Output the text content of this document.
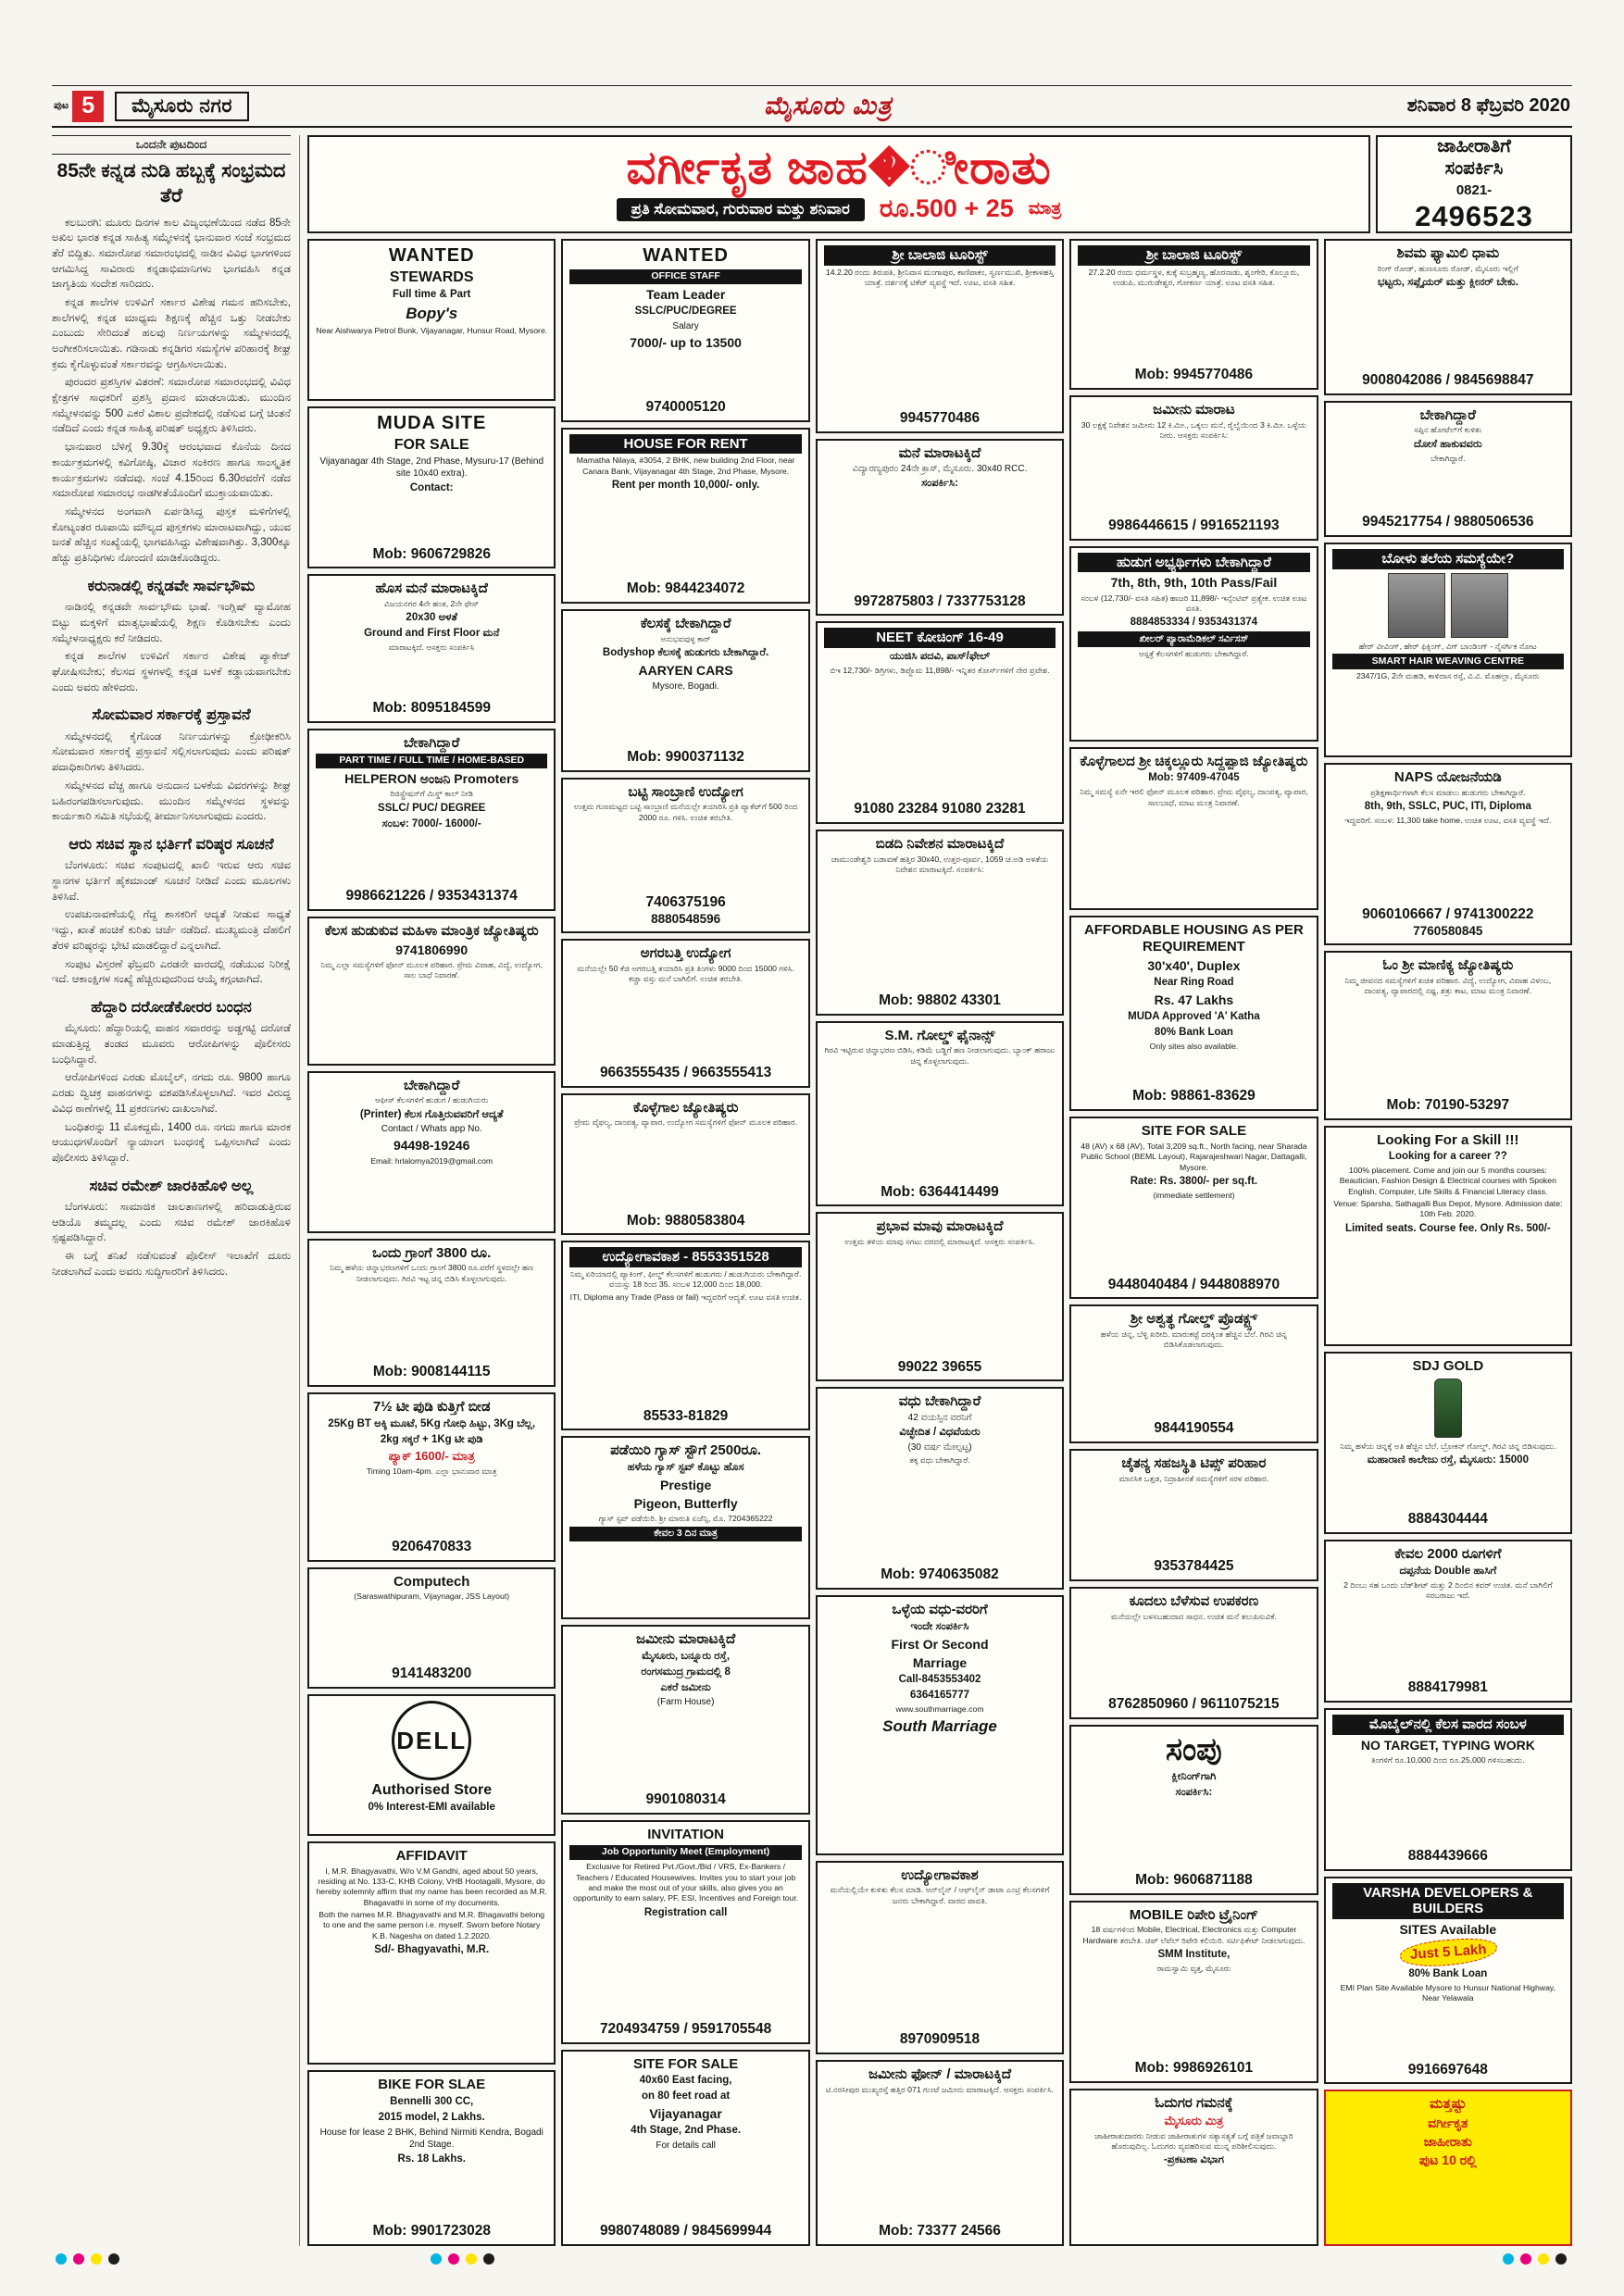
ಪುಟ 5	ಮೈಸೂರು ನಗರ	ಮೈಸೂರು ಮಿತ್ರ	ಶನಿವಾರ 8 ಫೆಬ್ರವರಿ 2020
ಒಂದನೇ ಪುಟದಿಂದ
85ನೇ ಕನ್ನಡ ನುಡಿ ಹಬ್ಬಕ್ಕೆ ಸಂಭ್ರಮದ ತೆರೆ

ಕಲಬುರಗಿ: ಮೂರು ದಿನಗಳ ಕಾಲ ವಿಜೃಂಭಣೆಯಿಂದ ನಡೆದ 85ನೇ ಅಖಿಲ ಭಾರತ ಕನ್ನಡ ಸಾಹಿತ್ಯ ಸಮ್ಮೇಳನಕ್ಕೆ ಭಾನುವಾರ ಸಂಜೆ ಸಂಭ್ರಮದ ತೆರೆ ಬಿದ್ದಿತು. ಸಮಾರೋಪ ಸಮಾರಂಭದಲ್ಲಿ ನಾಡಿನ ವಿವಿಧ ಭಾಗಗಳಿಂದ ಆಗಮಿಸಿದ್ದ ಸಾವಿರಾರು ಕನ್ನಡಾಭಿಮಾನಿಗಳು ಭಾಗವಹಿಸಿ ಕನ್ನಡ ಜಾಗೃತಿಯ ಸಂದೇಶ ಸಾರಿದರು.

ಕನ್ನಡ ಶಾಲೆಗಳ ಉಳಿವಿಗೆ ಸರ್ಕಾರ ವಿಶೇಷ ಗಮನ ಹರಿಸಬೇಕು, ಶಾಲೆಗಳಲ್ಲಿ ಕನ್ನಡ ಮಾಧ್ಯಮ ಶಿಕ್ಷಣಕ್ಕೆ ಹೆಚ್ಚಿನ ಒತ್ತು ನೀಡಬೇಕು ಎಂಬುದು ಸೇರಿದಂತೆ ಹಲವು ನಿರ್ಣಯಗಳನ್ನು ಸಮ್ಮೇಳನದಲ್ಲಿ ಅಂಗೀಕರಿಸಲಾಯಿತು. ಗಡಿನಾಡು ಕನ್ನಡಿಗರ ಸಮಸ್ಯೆಗಳ ಪರಿಹಾರಕ್ಕೆ ಶೀಘ್ರ ಕ್ರಮ ಕೈಗೊಳ್ಳುವಂತೆ ಸರ್ಕಾರವನ್ನು ಆಗ್ರಹಿಸಲಾಯಿತು.

ಪುರಂದರ ಪ್ರಶಸ್ತಿಗಳ ವಿತರಣೆ: ಸಮಾರೋಪ ಸಮಾರಂಭದಲ್ಲಿ ವಿವಿಧ ಕ್ಷೇತ್ರಗಳ ಸಾಧಕರಿಗೆ ಪ್ರಶಸ್ತಿ ಪ್ರದಾನ ಮಾಡಲಾಯಿತು. ಮುಂದಿನ ಸಮ್ಮೇಳನವನ್ನು 500 ಎಕರೆ ವಿಶಾಲ ಪ್ರದೇಶದಲ್ಲಿ ನಡೆಸುವ ಬಗ್ಗೆ ಚಿಂತನೆ ನಡೆದಿದೆ ಎಂದು ಕನ್ನಡ ಸಾಹಿತ್ಯ ಪರಿಷತ್ ಅಧ್ಯಕ್ಷರು ತಿಳಿಸಿದರು.

ಭಾನುವಾರ ಬೆಳಿಗ್ಗೆ 9.30ಕ್ಕೆ ಆರಂಭವಾದ ಕೊನೆಯ ದಿನದ ಕಾರ್ಯಕ್ರಮಗಳಲ್ಲಿ ಕವಿಗೋಷ್ಠಿ, ವಿಚಾರ ಸಂಕಿರಣ ಹಾಗೂ ಸಾಂಸ್ಕೃತಿಕ ಕಾರ್ಯಕ್ರಮಗಳು ನಡೆದವು. ಸಂಜೆ 4.15ರಿಂದ 6.30ರವರೆಗೆ ನಡೆದ ಸಮಾರೋಪ ಸಮಾರಂಭ ನಾಡಗೀತೆಯೊಂದಿಗೆ ಮುಕ್ತಾಯವಾಯಿತು.

ಸಮ್ಮೇಳನದ ಅಂಗವಾಗಿ ಏರ್ಪಡಿಸಿದ್ದ ಪುಸ್ತಕ ಮಳಿಗೆಗಳಲ್ಲಿ ಕೋಟ್ಯಂತರ ರೂಪಾಯಿ ಮೌಲ್ಯದ ಪುಸ್ತಕಗಳು ಮಾರಾಟವಾಗಿದ್ದು, ಯುವ ಜನತೆ ಹೆಚ್ಚಿನ ಸಂಖ್ಯೆಯಲ್ಲಿ ಭಾಗವಹಿಸಿದ್ದು ವಿಶೇಷವಾಗಿತ್ತು. 3,300ಕ್ಕೂ ಹೆಚ್ಚು ಪ್ರತಿನಿಧಿಗಳು ನೋಂದಣಿ ಮಾಡಿಕೊಂಡಿದ್ದರು.

ಕರುನಾಡಲ್ಲಿ ಕನ್ನಡವೇ ಸಾರ್ವಭೌಮ

ನಾಡಿನಲ್ಲಿ ಕನ್ನಡವೇ ಸಾರ್ವಭೌಮ ಭಾಷೆ. ಇಂಗ್ಲಿಷ್ ವ್ಯಾಮೋಹ ಬಿಟ್ಟು ಮಕ್ಕಳಿಗೆ ಮಾತೃಭಾಷೆಯಲ್ಲಿ ಶಿಕ್ಷಣ ಕೊಡಿಸಬೇಕು ಎಂದು ಸಮ್ಮೇಳನಾಧ್ಯಕ್ಷರು ಕರೆ ನೀಡಿದರು.

ಕನ್ನಡ ಶಾಲೆಗಳ ಉಳಿವಿಗೆ ಸರ್ಕಾರ ವಿಶೇಷ ಪ್ಯಾಕೇಜ್ ಘೋಷಿಸಬೇಕು; ಕೆಲಸದ ಸ್ಥಳಗಳಲ್ಲಿ ಕನ್ನಡ ಬಳಕೆ ಕಡ್ಡಾಯವಾಗಬೇಕು ಎಂದು ಅವರು ಹೇಳಿದರು.

ಸೋಮವಾರ ಸರ್ಕಾರಕ್ಕೆ ಪ್ರಸ್ತಾವನೆ

ಸಮ್ಮೇಳನದಲ್ಲಿ ಕೈಗೊಂಡ ನಿರ್ಣಯಗಳನ್ನು ಕ್ರೋಢೀಕರಿಸಿ ಸೋಮವಾರ ಸರ್ಕಾರಕ್ಕೆ ಪ್ರಸ್ತಾವನೆ ಸಲ್ಲಿಸಲಾಗುವುದು ಎಂದು ಪರಿಷತ್ ಪದಾಧಿಕಾರಿಗಳು ತಿಳಿಸಿದರು.

ಸಮ್ಮೇಳನದ ವೆಚ್ಚ ಹಾಗೂ ಅನುದಾನ ಬಳಕೆಯ ವಿವರಗಳನ್ನು ಶೀಘ್ರ ಬಹಿರಂಗಪಡಿಸಲಾಗುವುದು. ಮುಂದಿನ ಸಮ್ಮೇಳನದ ಸ್ಥಳವನ್ನು ಕಾರ್ಯಕಾರಿ ಸಮಿತಿ ಸಭೆಯಲ್ಲಿ ತೀರ್ಮಾನಿಸಲಾಗುವುದು ಎಂದರು.

ಆರು ಸಚಿವ ಸ್ಥಾನ ಭರ್ತಿಗೆ ವರಿಷ್ಠರ ಸೂಚನೆ

ಬೆಂಗಳೂರು: ಸಚಿವ ಸಂಪುಟದಲ್ಲಿ ಖಾಲಿ ಇರುವ ಆರು ಸಚಿವ ಸ್ಥಾನಗಳ ಭರ್ತಿಗೆ ಹೈಕಮಾಂಡ್ ಸೂಚನೆ ನೀಡಿದೆ ಎಂದು ಮೂಲಗಳು ತಿಳಿಸಿವೆ.

ಉಪಚುನಾವಣೆಯಲ್ಲಿ ಗೆದ್ದ ಶಾಸಕರಿಗೆ ಆದ್ಯತೆ ನೀಡುವ ಸಾಧ್ಯತೆ ಇದ್ದು, ಖಾತೆ ಹಂಚಿಕೆ ಕುರಿತು ಚರ್ಚೆ ನಡೆದಿದೆ. ಮುಖ್ಯಮಂತ್ರಿ ದೆಹಲಿಗೆ ತೆರಳಿ ವರಿಷ್ಠರನ್ನು ಭೇಟಿ ಮಾಡಲಿದ್ದಾರೆ ಎನ್ನಲಾಗಿದೆ.

ಸಂಪುಟ ವಿಸ್ತರಣೆ ಫೆಬ್ರವರಿ ಎರಡನೇ ವಾರದಲ್ಲಿ ನಡೆಯುವ ನಿರೀಕ್ಷೆ ಇದೆ. ಆಕಾಂಕ್ಷಿಗಳ ಸಂಖ್ಯೆ ಹೆಚ್ಚಿರುವುದರಿಂದ ಆಯ್ಕೆ ಕಗ್ಗಂಟಾಗಿದೆ.

ಹೆದ್ದಾರಿ ದರೋಡೆಕೋರರ ಬಂಧನ

ಮೈಸೂರು: ಹೆದ್ದಾರಿಯಲ್ಲಿ ವಾಹನ ಸವಾರರನ್ನು ಅಡ್ಡಗಟ್ಟಿ ದರೋಡೆ ಮಾಡುತ್ತಿದ್ದ ತಂಡದ ಮೂವರು ಆರೋಪಿಗಳನ್ನು ಪೊಲೀಸರು ಬಂಧಿಸಿದ್ದಾರೆ.

ಆರೋಪಿಗಳಿಂದ ಎರಡು ಮೊಬೈಲ್, ನಗದು ರೂ. 9800 ಹಾಗೂ ಎರಡು ದ್ವಿಚಕ್ರ ವಾಹನಗಳನ್ನು ವಶಪಡಿಸಿಕೊಳ್ಳಲಾಗಿದೆ. ಇವರ ವಿರುದ್ಧ ವಿವಿಧ ಠಾಣೆಗಳಲ್ಲಿ 11 ಪ್ರಕರಣಗಳು ದಾಖಲಾಗಿವೆ.

ಬಂಧಿತರನ್ನು 11 ಮೊಕದ್ದಮೆ, 1400 ರೂ. ನಗದು ಹಾಗೂ ಮಾರಕ ಆಯುಧಗಳೊಂದಿಗೆ ನ್ಯಾಯಾಂಗ ಬಂಧನಕ್ಕೆ ಒಪ್ಪಿಸಲಾಗಿದೆ ಎಂದು ಪೊಲೀಸರು ತಿಳಿಸಿದ್ದಾರೆ.

ಸಚಿವ ರಮೇಶ್ ಜಾರಕಿಹೊಳಿ ಅಲ್ಲ

ಬೆಂಗಳೂರು: ಸಾಮಾಜಿಕ ಜಾಲತಾಣಗಳಲ್ಲಿ ಹರಿದಾಡುತ್ತಿರುವ ಆಡಿಯೊ ತಮ್ಮದಲ್ಲ ಎಂದು ಸಚಿವ ರಮೇಶ್ ಜಾರಕಿಹೊಳಿ ಸ್ಪಷ್ಟಪಡಿಸಿದ್ದಾರೆ.

ಈ ಬಗ್ಗೆ ತನಿಖೆ ನಡೆಸುವಂತೆ ಪೊಲೀಸ್ ಇಲಾಖೆಗೆ ದೂರು ನೀಡಲಾಗಿದೆ ಎಂದು ಅವರು ಸುದ್ದಿಗಾರರಿಗೆ ತಿಳಿಸಿದರು.

ವರ್ಗೀಕೃತ ಜಾಹ�ೀರಾತು
ಪ್ರತಿ ಸೋಮವಾರ, ಗುರುವಾರ ಮತ್ತು ಶನಿವಾರ	ರೂ.500 + 25 ಮಾತ್ರ
ಜಾಹೀರಾತಿಗೆ
ಸಂಪರ್ಕಿಸಿ
0821-
2496523
WANTED
STEWARDS
Full time & Part
Bopy's
Near Aishwarya Petrol Bunk, Vijayanagar, Hunsur Road, Mysore.
MUDA SITE
FOR SALE
Vijayanagar 4th Stage, 2nd Phase, Mysuru-17 (Behind site 10x40 extra).
Contact:
Mob: 9606729826
ಹೊಸ ಮನೆ ಮಾರಾಟಕ್ಕಿದೆ
ವಿಜಯನಗರ 4ನೇ ಹಂತ, 2ನೇ ಫೇಸ್
20x30 ಅಳತೆ
Ground and First Floor ಮನೆ
ಮಾರಾಟಕ್ಕಿದೆ. ಆಸಕ್ತರು ಸಂಪರ್ಕಿಸಿ
Mob: 8095184599
ಬೇಕಾಗಿದ್ದಾರೆ
PART TIME / FULL TIME / HOME-BASED
HELPERON ಅಂಜನಿ Promoters
ರಿಜಿಸ್ಟ್ರೇಷನ್‌ಗೆ ಮಿಸ್ಡ್ ಕಾಲ್ ನೀಡಿ
SSLC/ PUC/ DEGREE
ಸಂಬಳ: 7000/- 16000/-
9986621226 / 9353431374
ಕೆಲಸ ಹುಡುಕುವ ಮಹಿಳಾ ಮಾಂತ್ರಿಕ ಜ್ಯೋತಿಷ್ಯರು
9741806990
ನಿಮ್ಮ ಎಲ್ಲಾ ಸಮಸ್ಯೆಗಳಿಗೆ ಫೋನ್ ಮೂಲಕ ಪರಿಹಾರ. ಪ್ರೇಮ ವಿವಾಹ, ವಿದ್ಯೆ, ಉದ್ಯೋಗ, ಸಾಲ ಬಾಧೆ ನಿವಾರಣೆ.
ಬೇಕಾಗಿದ್ದಾರೆ
ಆಫೀಸ್ ಕೆಲಸಗಳಿಗೆ ಹುಡುಗ / ಹುಡುಗಿಯರು
(Printer) ಕೆಲಸ ಗೊತ್ತಿರುವವರಿಗೆ ಆದ್ಯತೆ
Contact / Whats app No.
94498-19246
Email: hrlalomya2019@gmail.com
ಒಂದು ಗ್ರಾಂಗೆ 3800 ರೂ.
ನಿಮ್ಮ ಹಳೆಯ ಚಿನ್ನಾಭರಣಗಳಿಗೆ ಒಂದು ಗ್ರಾಂಗೆ 3800 ರೂ.ವರೆಗೆ ಸ್ಥಳದಲ್ಲೇ ಹಣ ನೀಡಲಾಗುವುದು. ಗಿರವಿ ಇಟ್ಟ ಚಿನ್ನ ಬಿಡಿಸಿ ಕೊಳ್ಳಲಾಗುವುದು.
Mob: 9008144115
7½ ಟೀ ಪುಡಿ ಕುತ್ತಿಗೆ ಬೀಡ
25Kg BT ಅಕ್ಕಿ ಮೂಟೆ, 5Kg ಗೋಧಿ ಹಿಟ್ಟು, 3Kg ಬೆಲ್ಲ,
2kg ಸಕ್ಕರೆ + 1Kg ಟೀ ಪುಡಿ
ಪ್ಯಾಕ್ 1600/- ಮಾತ್ರ
Timing 10am-4pm. ಎಲ್ಲಾ ಭಾನುವಾರ ಮಾತ್ರ
9206470833
Computech
(Saraswathipuram, Vijaynagar, JSS Layout)
9141483200
DELL
Authorised Store
0% Interest-EMI available
AFFIDAVIT
I, M.R. Bhagyavathi, W/o V.M Gandhi, aged about 50 years, residing at No. 133-C, KHB Colony, VHB Hootagalli, Mysore, do hereby solemnly affirm that my name has been recorded as M.R. Bhagavathi in some of my documents.
Both the names M.R. Bhagyavathi and M.R. Bhagavathi belong to one and the same person i.e. myself. Sworn before Notary K.B. Nagesha on dated 1.2.2020.
Sd/- Bhagyavathi, M.R.
BIKE FOR SLAE
Bennelli 300 CC,
2015 model, 2 Lakhs.
House for lease 2 BHK, Behind Nirmiti Kendra, Bogadi 2nd Stage.
Rs. 18 Lakhs.
Mob: 9901723028
WANTED
OFFICE STAFF
Team Leader
SSLC/PUC/DEGREE
Salary
7000/- up to 13500
9740005120
HOUSE FOR RENT
Mamatha Nilaya, #3054, 2 BHK, new building 2nd Floor, near Canara Bank, Vijayanagar 4th Stage, 2nd Phase, Mysore.
Rent per month 10,000/- only.
Mob: 9844234072
ಕೆಲಸಕ್ಕೆ ಬೇಕಾಗಿದ್ದಾರೆ
ಅನುಭವವುಳ್ಳ ಕಾರ್
Bodyshop ಕೆಲಸಕ್ಕೆ ಹುಡುಗರು ಬೇಕಾಗಿದ್ದಾರೆ.
AARYEN CARS
Mysore, Bogadi.
Mob: 9900371132
ಬಟ್ಟಿ ಸಾಂಬ್ರಾಣಿ ಉದ್ಯೋಗ
ಉತ್ತಮ ಗುಣಮಟ್ಟದ ಬಟ್ಟಿ ಸಾಂಬ್ರಾಣಿ ಮನೆಯಲ್ಲೇ ತಯಾರಿಸಿ ಪ್ರತಿ ಪ್ಯಾಕೆಟ್‌ಗೆ 500 ರಿಂದ 2000 ರೂ. ಗಳಿಸಿ. ಉಚಿತ ತರಬೇತಿ.
7406375196
8880548596
ಅಗರಬತ್ತಿ ಉದ್ಯೋಗ
ಮನೆಯಲ್ಲೇ 50 ಕೆಜಿ ಅಗರಬತ್ತಿ ತಯಾರಿಸಿ ಪ್ರತಿ ತಿಂಗಳು 9000 ದಿಂದ 15000 ಗಳಿಸಿ. ಕಚ್ಚಾ ವಸ್ತು ಮನೆ ಬಾಗಿಲಿಗೆ. ಉಚಿತ ತರಬೇತಿ.
9663555435 / 9663555413
ಕೊಳ್ಳೆಗಾಲ ಜ್ಯೋತಿಷ್ಯರು
ಪ್ರೇಮ ವೈಫಲ್ಯ, ದಾಂಪತ್ಯ, ವ್ಯಾಪಾರ, ಉದ್ಯೋಗ ಸಮಸ್ಯೆಗಳಿಗೆ ಫೋನ್ ಮೂಲಕ ಪರಿಹಾರ.
Mob: 9880583804
ಉದ್ಯೋಗಾವಕಾಶ - 8553351528
ನಿಮ್ಮ ಏರಿಯಾದಲ್ಲಿ ಪ್ಯಾಕಿಂಗ್, ಫೀಲ್ಡ್ ಕೆಲಸಗಳಿಗೆ ಹುಡುಗರು / ಹುಡುಗಿಯರು ಬೇಕಾಗಿದ್ದಾರೆ. ವಯಸ್ಸು 18 ರಿಂದ 35. ಸಂಬಳ 12,000 ದಿಂದ 18,000.
ITI, Diploma any Trade (Pass or fail) ಇದ್ದವರಿಗೆ ಆದ್ಯತೆ. ಊಟ ವಸತಿ ಉಚಿತ.
85533-81829
ಪಡೆಯಿರಿ ಗ್ಯಾಸ್ ಸ್ಟೌಗೆ 2500ರೂ.
ಹಳೆಯ ಗ್ಯಾಸ್ ಸ್ಟವ್ ಕೊಟ್ಟು ಹೊಸ
Prestige
Pigeon, Butterfly
ಗ್ಯಾಸ್ ಸ್ಟವ್ ಪಡೆಯಿರಿ. ಶ್ರೀ ಮಾರುತಿ ಏಜೆನ್ಸಿ, ಮೊ. 7204365222
ಕೇವಲ 3 ದಿನ ಮಾತ್ರ
ಜಮೀನು ಮಾರಾಟಕ್ಕಿದೆ
ಮೈಸೂರು, ಬನ್ನೂರು ರಸ್ತೆ,
ರಂಗಸಮುದ್ರ ಗ್ರಾಮದಲ್ಲಿ 8
ಎಕರೆ ಜಮೀನು
(Farm House)
9901080314
INVITATION
Job Opportunity Meet (Employment)
Exclusive for Retired Pvt./Govt./Bid / VRS, Ex-Bankers / Teachers / Educated Housewives. Invites you to start your job and make the most out of your skills, also gives you an opportunity to earn salary, PF, ESI, Incentives and Foreign tour.
Registration call
7204934759 / 9591705548
SITE FOR SALE
40x60 East facing,
on 80 feet road at
Vijayanagar
4th Stage, 2nd Phase.
For details call
9980748089 / 9845699944
ಶ್ರೀ ಬಾಲಾಜಿ ಟೂರಿಸ್ಟ್
14.2.20 ರಂದು ತಿರುಪತಿ, ಶ್ರೀನಿವಾಸ ಮಂಗಾಪುರ, ಕಾಣಿಪಾಕಂ, ಸ್ವರ್ಣಮುಖಿ, ಶ್ರೀಕಾಳಹಸ್ತಿ ಯಾತ್ರೆ. ದರ್ಶನಕ್ಕೆ ಟಿಕೆಟ್ ವ್ಯವಸ್ಥೆ ಇದೆ. ಊಟ, ವಸತಿ ಸಹಿತ.
9945770486
ಮನೆ ಮಾರಾಟಕ್ಕಿದೆ
ವಿದ್ಯಾರಣ್ಯಪುರಂ 24ನೇ ಕ್ರಾಸ್, ಮೈಸೂರು. 30x40 RCC.
ಸಂಪರ್ಕಿಸಿ:
9972875803 / 7337753128
NEET ಕೋಚಿಂಗ್ 16-49
ಯುಜಿಸಿ ಪದವಿ, ಪಾಸ್/ಫೇಲ್
ಬಿಇ 12,730/- ಡಿಗ್ರಿಗಳು, ಡಿಪ್ಲೊಮ 11,898/- ಇನ್ನಿತರ ಕೋರ್ಸ್‌ಗಳಿಗೆ ನೇರ ಪ್ರವೇಶ.
91080 23284 91080 23281
ಬಿಡದಿ ನಿವೇಶನ ಮಾರಾಟಕ್ಕಿದೆ
ಚಾಮುಂಡೇಶ್ವರಿ ಬಡಾವಣೆ ಹತ್ತಿರ 30x40, ಉತ್ತರ-ಪೂರ್ವ, 1059 ಚ.ಅಡಿ ಅಳತೆಯ ನಿವೇಶನ ಮಾರಾಟಕ್ಕಿದೆ. ಸಂಪರ್ಕಿಸಿ:
Mob: 98802 43301
S.M. ಗೋಲ್ಡ್ ಫೈನಾನ್ಸ್
ಗಿರವಿ ಇಟ್ಟಿರುವ ಚಿನ್ನಾಭರಣ ಬಿಡಿಸಿ, ಕಡಿಮೆ ಬಡ್ಡಿಗೆ ಹಣ ನೀಡಲಾಗುವುದು. ಬ್ಯಾಂಕ್ ಹರಾಜು ಚಿನ್ನ ಕೊಳ್ಳಲಾಗುವುದು.
Mob: 6364414499
ಪ್ರಭಾವ ಮಾವು ಮಾರಾಟಕ್ಕಿದೆ
ಉತ್ತಮ ತಳಿಯ ಮಾವು ಸಗಟು ದರದಲ್ಲಿ ಮಾರಾಟಕ್ಕಿದೆ. ಆಸಕ್ತರು ಸಂಪರ್ಕಿಸಿ.
99022 39655
ವಧು ಬೇಕಾಗಿದ್ದಾರೆ
42 ವಯಸ್ಸಿನ ವರನಿಗೆ
ವಿಚ್ಛೇದಿತ / ವಿಧವೆಯರು
(30 ವರ್ಷ ಮೇಲ್ಪಟ್ಟ)
ತಕ್ಕ ವಧು ಬೇಕಾಗಿದ್ದಾರೆ.
Mob: 9740635082
ಒಳ್ಳೆಯ ವಧು-ವರರಿಗೆ
ಇಂದೇ ಸಂಪರ್ಕಿಸಿ
First Or Second
Marriage
Call-8453553402
6364165777
www.southmarriage.com
South Marriage
ಉದ್ಯೋಗಾವಕಾಶ
ಮನೆಯಲ್ಲಿಯೇ ಕುಳಿತು ಕೆಲಸ ಮಾಡಿ. ಆನ್‌ಲೈನ್ / ಆಫ್‌ಲೈನ್ ಡಾಟಾ ಎಂಟ್ರಿ ಕೆಲಸಗಳಿಗೆ ಜನರು ಬೇಕಾಗಿದ್ದಾರೆ. ವಾರದ ಪಾವತಿ.
8970909518
ಜಮೀನು ಫೋನ್ / ಮಾರಾಟಕ್ಕಿದೆ
ಟಿ.ನರಸೀಪುರ ಮುಖ್ಯರಸ್ತೆ ಹತ್ತಿರ 071 ಗುಂಟೆ ಜಮೀನು ಮಾರಾಟಕ್ಕಿದೆ. ಆಸಕ್ತರು ಸಂಪರ್ಕಿಸಿ.
Mob: 73377 24566
ಶ್ರೀ ಬಾಲಾಜಿ ಟೂರಿಸ್ಟ್
27.2.20 ರಂದು ಧರ್ಮಸ್ಥಳ, ಕುಕ್ಕೆ ಸುಬ್ರಹ್ಮಣ್ಯ, ಹೊರನಾಡು, ಶೃಂಗೇರಿ, ಕೊಲ್ಲೂರು, ಉಡುಪಿ, ಮುರುಡೇಶ್ವರ, ಗೋಕರ್ಣ ಯಾತ್ರೆ. ಊಟ ವಸತಿ ಸಹಿತ.
Mob: 9945770486
ಜಮೀನು ಮಾರಾಟ
30 ಲಕ್ಷಕ್ಕೆ ನಿವೇಶನ ಜಮೀನು 12 ಕಿ.ಮೀ., ಒಕ್ಕಲು ಮನೆ, ರೈಲ್ವೆಯಿಂದ 3 ಕಿ.ಮೀ. ಒಳ್ಳೆಯ ನೀರು. ಆಸಕ್ತರು ಸಂಪರ್ಕಿಸಿ:
9986446615 / 9916521193
ಹುಡುಗ ಅಭ್ಯರ್ಥಿಗಳು ಬೇಕಾಗಿದ್ದಾರೆ
7th, 8th, 9th, 10th Pass/Fail
ಸಂಬಳ (12,730/- ವಸತಿ ಸಹಿತ) ಹಾಜರಿ 11,898/- ಇನ್ಸೆಂಟಿವ್ ಪ್ರತ್ಯೇಕ. ಉಚಿತ ಊಟ ವಸತಿ.
8884853334 / 9353431374
ಖೀಲರ್ ಪ್ಯಾರಾಮೆಡಿಕಲ್ ಸರ್ವಿಸಸ್
ಆಸ್ಪತ್ರೆ ಕೆಲಸಗಳಿಗೆ ಹುಡುಗರು ಬೇಕಾಗಿದ್ದಾರೆ.
ಕೊಳ್ಳೆಗಾಲದ ಶ್ರೀ ಚಿಕ್ಕಲ್ಲೂರು ಸಿದ್ದಪ್ಪಾಜಿ ಜ್ಯೋತಿಷ್ಯರು
Mob: 97409-47045
ನಿಮ್ಮ ಸಮಸ್ಯೆ ಏನೇ ಇರಲಿ ಫೋನ್ ಮೂಲಕ ಪರಿಹಾರ. ಪ್ರೇಮ ವೈಫಲ್ಯ, ದಾಂಪತ್ಯ, ವ್ಯಾಪಾರ, ಸಾಲಬಾಧೆ, ಮಾಟ ಮಂತ್ರ ನಿವಾರಣೆ.
AFFORDABLE HOUSING AS PER REQUIREMENT
30'x40', Duplex
Near Ring Road
Rs. 47 Lakhs
MUDA Approved 'A' Katha
80% Bank Loan
Only sites also available.
Mob: 98861-83629
SITE FOR SALE
48 (AV) x 68 (AV), Total 3,209 sq.ft., North facing, near Sharada Public School (BEML Layout), Rajarajeshwari Nagar, Dattagalli, Mysore.
Rate: Rs. 3800/- per sq.ft.
(immediate settlement)
9448040484 / 9448088970
ಶ್ರೀ ಅಶ್ವತ್ಥ ಗೋಲ್ಡ್ ಪ್ರೊಡಕ್ಟ್ಸ್
ಹಳೆಯ ಚಿನ್ನ, ಬೆಳ್ಳಿ ಖರೀದಿ. ಮಾರುಕಟ್ಟೆ ದರಕ್ಕಿಂತ ಹೆಚ್ಚಿನ ಬೆಲೆ. ಗಿರವಿ ಚಿನ್ನ ಬಿಡಿಸಿಕೊಡಲಾಗುವುದು.
9844190554
ಚೈತನ್ಯ ಸಹಜಸ್ಥಿತಿ ಟಿಪ್ಸ್ ಪರಿಹಾರ
ಮಾನಸಿಕ ಒತ್ತಡ, ನಿದ್ರಾಹೀನತೆ ಸಮಸ್ಯೆಗಳಿಗೆ ಸರಳ ಪರಿಹಾರ.
9353784425
ಕೂದಲು ಬೆಳೆಸುವ ಉಪಕರಣ
ಮನೆಯಲ್ಲೇ ಬಳಸಬಹುದಾದ ಸಾಧನ. ಉಚಿತ ಮನೆ ತಲುಪಿಸುವಿಕೆ.
8762850960 / 9611075215
ಸಂಪು
ಕ್ಲೀನಿಂಗ್‌ಗಾಗಿ
ಸಂಪರ್ಕಿಸಿ:
Mob: 9606871188
MOBILE ರಿಪೇರಿ ಟ್ರೈನಿಂಗ್
18 ವರ್ಷಗಳಿಂದ Mobile, Electrical, Electronics ಮತ್ತು Computer Hardware ತರಬೇತಿ. ಚಿಪ್ ಲೆವೆಲ್ ರಿಪೇರಿ ಕಲಿಯಿರಿ. ಸರ್ಟಿಫಿಕೇಟ್ ನೀಡಲಾಗುವುದು.
SMM Institute,
ರಾಮಸ್ವಾಮಿ ವೃತ್ತ, ಮೈಸೂರು
Mob: 9986926101
ಓದುಗರ ಗಮನಕ್ಕೆ
ಮೈಸೂರು ಮಿತ್ರ
ಜಾಹೀರಾತುದಾರರು ನೀಡುವ ಜಾಹೀರಾತುಗಳ ಸತ್ಯಾಸತ್ಯತೆ ಬಗ್ಗೆ ಪತ್ರಿಕೆ ಜವಾಬ್ದಾರಿ ಹೊರುವುದಿಲ್ಲ. ಓದುಗರು ವ್ಯವಹರಿಸುವ ಮುನ್ನ ಪರಿಶೀಲಿಸುವುದು.
-ಪ್ರಕಟಣಾ ವಿಭಾಗ
ಶಿವಮ ಫ್ಯಾಮಿಲಿ ಧಾಮ
ರಿಂಗ್ ರೋಡ್, ಹುಣಸೂರು ರೋಡ್, ಮೈಸೂರು ಇಲ್ಲಿಗೆ
ಭಟ್ಟರು, ಸಪ್ಲೈಯರ್ ಮತ್ತು ಕ್ಲೀನರ್ ಬೇಕು.
9008042086 / 9845698847
ಬೇಕಾಗಿದ್ದಾರೆ
ಸಪ್ಪಿನ ಹೋಟೆಲ್‌ಗೆ ಕುಳಿತು
ದೋಸೆ ಹಾಕುವವರು
ಬೇಕಾಗಿದ್ದಾರೆ.
9945217754 / 9880506536
ಬೋಳು ತಲೆಯ ಸಮಸ್ಯೆಯೇ?
ಹೇರ್ ವೀವಿಂಗ್, ಹೇರ್ ಫಿಕ್ಸಿಂಗ್, ವಿಗ್ ಬಾಂಡಿಂಗ್ - ನೈಸರ್ಗಿಕ ನೋಟ
SMART HAIR WEAVING CENTRE
2347/1G, 2ನೇ ಮಹಡಿ, ಕಾಳಿದಾಸ ರಸ್ತೆ, ವಿ.ವಿ. ಮೊಹಲ್ಲಾ, ಮೈಸೂರು
NAPS ಯೋಜನೆಯಡಿ
ಪ್ರಶಿಕ್ಷಣಾರ್ಥಿಗಳಾಗಿ ಕೆಲಸ ಮಾಡಲು ಹುಡುಗರು ಬೇಕಾಗಿದ್ದಾರೆ.
8th, 9th, SSLC, PUC, ITI, Diploma
ಇದ್ದವರಿಗೆ. ಸಂಬಳ: 11,300 take home. ಉಚಿತ ಊಟ, ವಸತಿ ವ್ಯವಸ್ಥೆ ಇದೆ.
9060106667 / 9741300222
7760580845
ಓಂ ಶ್ರೀ ಮಾಣಿಕ್ಯ ಜ್ಯೋತಿಷ್ಯರು
ನಿಮ್ಮ ಜೀವನದ ಸಮಸ್ಯೆಗಳಿಗೆ ಖಚಿತ ಪರಿಹಾರ. ವಿದ್ಯೆ, ಉದ್ಯೋಗ, ವಿವಾಹ ವಿಳಂಬ, ದಾಂಪತ್ಯ, ವ್ಯಾಪಾರದಲ್ಲಿ ನಷ್ಟ, ಶತ್ರು ಕಾಟ, ಮಾಟ ಮಂತ್ರ ನಿವಾರಣೆ.
Mob: 70190-53297
Looking For a Skill !!!
Looking for a career ??
100% placement. Come and join our 5 months courses: Beautician, Fashion Design & Electrical courses with Spoken English, Computer, Life Skills & Financial Literacy class.
Venue: Sparsha, Sathagalli Bus Depot, Mysore. Admission date: 10th Feb. 2020.
Limited seats. Course fee. Only Rs. 500/-
SDJ GOLD
ನಿಮ್ಮ ಹಳೆಯ ಚಿನ್ನಕ್ಕೆ ಅತಿ ಹೆಚ್ಚಿನ ಬೆಲೆ. ಬ್ರೋಕನ್ ಗೋಲ್ಡ್, ಗಿರವಿ ಚಿನ್ನ ಬಿಡಿಸುವುದು.
ಮಹಾರಾಣಿ ಕಾಲೇಜು ರಸ್ತೆ, ಮೈಸೂರು: 15000
8884304444
ಕೇವಲ 2000 ರೂಗಳಿಗೆ
ದಪ್ಪನೆಯ Double ಹಾಸಿಗೆ
2 ದಿಂಬು ಸಹ ಒಂದು ಬೆಡ್‌ಶೀಟ್ ಮತ್ತು 2 ದಿಂಬಿನ ಕವರ್ ಉಚಿತ. ಮನೆ ಬಾಗಿಲಿಗೆ ಸರಬರಾಜು ಇದೆ.
8884179981
ಮೊಬೈಲ್‌ನಲ್ಲಿ ಕೆಲಸ ವಾರದ ಸಂಬಳ
NO TARGET, TYPING WORK
ತಿಂಗಳಿಗೆ ರೂ.10,000 ದಿಂದ ರೂ.25,000 ಗಳಿಸಬಹುದು.
8884439666
VARSHA DEVELOPERS & BUILDERS
SITES Available
Just 5 Lakh
80% Bank Loan
EMI Plan Site Available Mysore to Hunsur National Highway, Near Yelawala
9916697648
ಮತ್ತಷ್ಟು
ವರ್ಗೀಕೃತ
ಜಾಹೀರಾತು
ಪುಟ 10 ರಲ್ಲಿ
